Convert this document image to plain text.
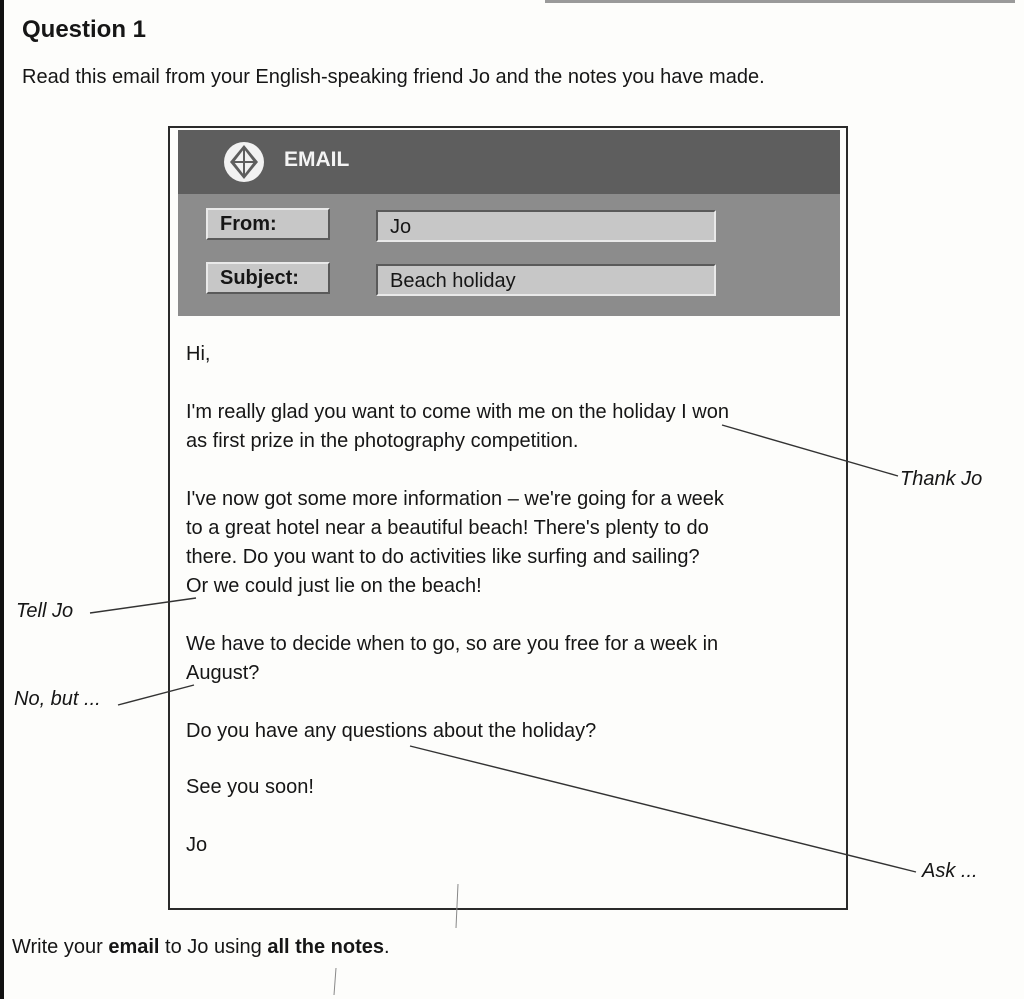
Question 1
Read this email from your English-speaking friend Jo and the notes you have made.
EMAIL
From:	Jo
Subject:	Beach holiday

Hi,

I'm really glad you want to come with me on the holiday I won

as first prize in the photography competition.

I've now got some more information – we're going for a week

to a great hotel near a beautiful beach! There's plenty to do

there. Do you want to do activities like surfing and sailing?

Or we could just lie on the beach!

We have to decide when to go, so are you free for a week in

August?

Do you have any questions about the holiday?

See you soon!

Jo

Thank Jo
Tell Jo
No, but ...
Ask ...
Write your email to Jo using all the notes.
